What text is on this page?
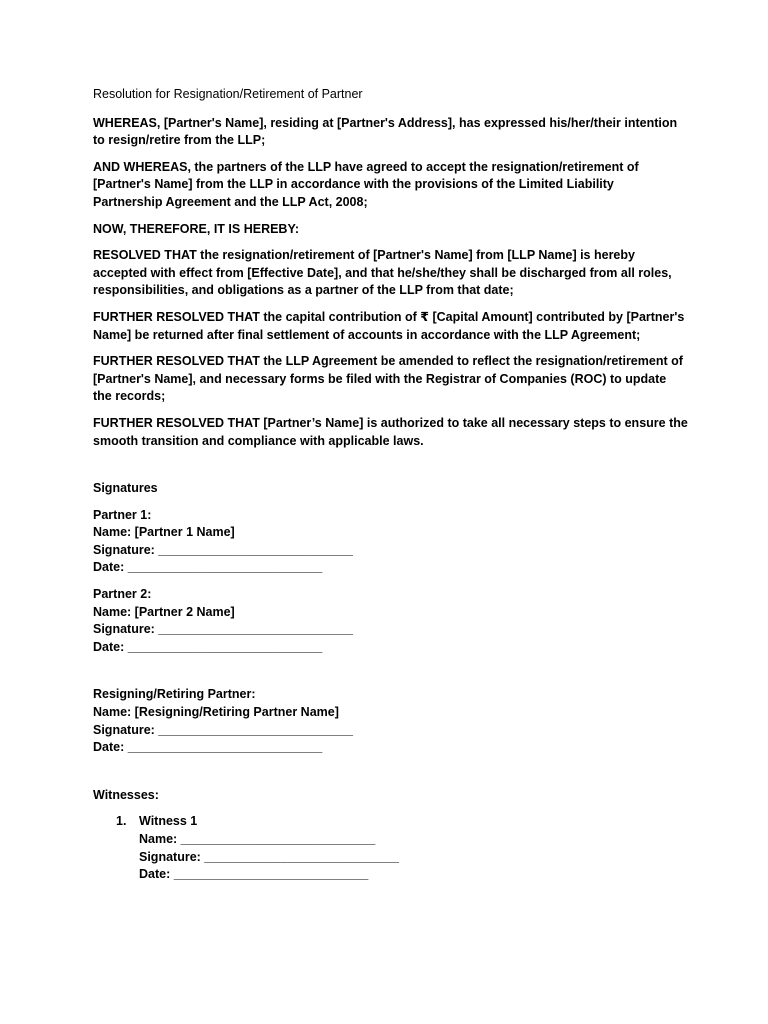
Resolution for Resignation/Retirement of Partner
WHEREAS, [Partner's Name], residing at [Partner's Address], has expressed his/her/their intention
to resign/retire from the LLP;
AND WHEREAS, the partners of the LLP have agreed to accept the resignation/retirement of
[Partner's Name] from the LLP in accordance with the provisions of the Limited Liability
Partnership Agreement and the LLP Act, 2008;
NOW, THEREFORE, IT IS HEREBY:
RESOLVED THAT the resignation/retirement of [Partner's Name] from [LLP Name] is hereby
accepted with effect from [Effective Date], and that he/she/they shall be discharged from all roles,
responsibilities, and obligations as a partner of the LLP from that date;
FURTHER RESOLVED THAT the capital contribution of ₹ [Capital Amount] contributed by [Partner's
Name] be returned after final settlement of accounts in accordance with the LLP Agreement;
FURTHER RESOLVED THAT the LLP Agreement be amended to reflect the resignation/retirement of
[Partner's Name], and necessary forms be filed with the Registrar of Companies (ROC) to update
the records;
FURTHER RESOLVED THAT [Partner’s Name] is authorized to take all necessary steps to ensure the
smooth transition and compliance with applicable laws.
Signatures
Partner 1:
Name: [Partner 1 Name]
Signature: ____________________________
Date: ____________________________
Partner 2:
Name: [Partner 2 Name]
Signature: ____________________________
Date: ____________________________
Resigning/Retiring Partner:
Name: [Resigning/Retiring Partner Name]
Signature: ____________________________
Date: ____________________________
Witnesses:
1. Witness 1
Name: ____________________________
Signature: ____________________________
Date: ____________________________
